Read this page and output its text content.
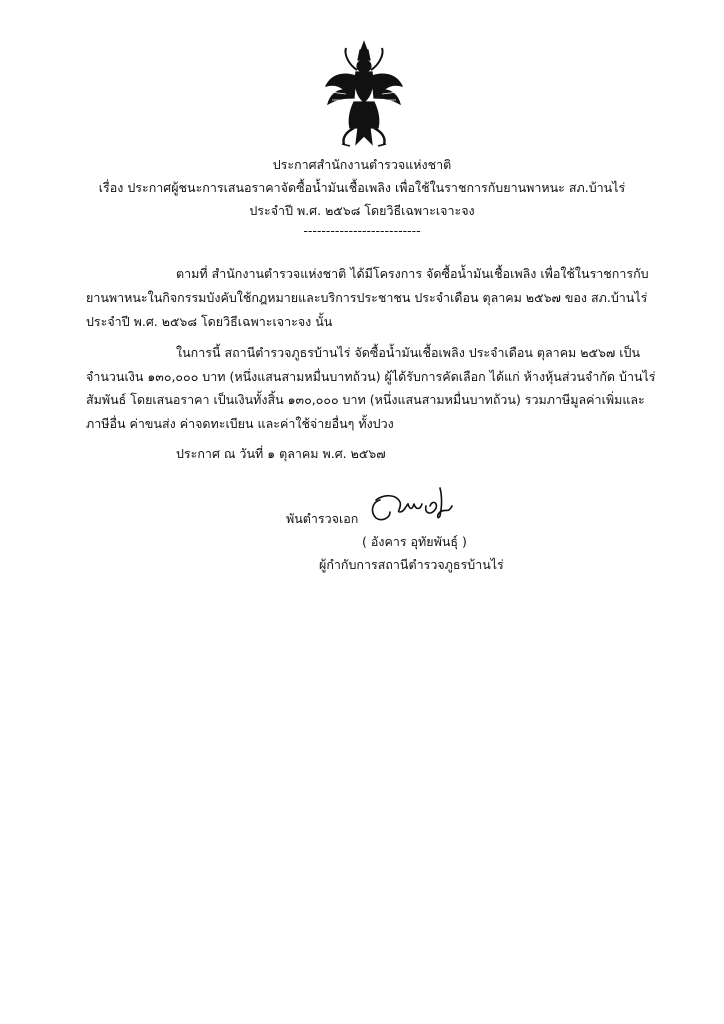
ประกาศสำนักงานตำรวจแห่งชาติ
เรื่อง ประกาศผู้ชนะการเสนอราคาจัดซื้อน้ำมันเชื้อเพลิง เพื่อใช้ในราชการกับยานพาหนะ สภ.บ้านไร่
ประจำปี พ.ศ. ๒๕๖๘ โดยวิธีเฉพาะเจาะจง
--------------------------
ตามที่ สำนักงานตำรวจแห่งชาติ ได้มีโครงการ จัดซื้อน้ำมันเชื้อเพลิง เพื่อใช้ในราชการกับ
ยานพาหนะในกิจกรรมบังคับใช้กฎหมายและบริการประชาชน ประจำเดือน ตุลาคม ๒๕๖๗ ของ สภ.บ้านไร่
ประจำปี พ.ศ. ๒๕๖๘ โดยวิธีเฉพาะเจาะจง นั้น
ในการนี้ สถานีตำรวจภูธรบ้านไร่ จัดซื้อน้ำมันเชื้อเพลิง ประจำเดือน ตุลาคม ๒๕๖๗ เป็น
จำนวนเงิน ๑๓๐,๐๐๐ บาท (หนึ่งแสนสามหมื่นบาทถ้วน) ผู้ได้รับการคัดเลือก ได้แก่ ห้างหุ้นส่วนจำกัด บ้านไร่
สัมพันธ์ โดยเสนอราคา เป็นเงินทั้งสิ้น ๑๓๐,๐๐๐ บาท (หนึ่งแสนสามหมื่นบาทถ้วน) รวมภาษีมูลค่าเพิ่มและ
ภาษีอื่น ค่าขนส่ง ค่าจดทะเบียน และค่าใช้จ่ายอื่นๆ ทั้งปวง
ประกาศ ณ วันที่ ๑ ตุลาคม พ.ศ. ๒๕๖๗
พันตำรวจเอก
( อังคาร อุทัยพันธุ์ )
ผู้กำกับการสถานีตำรวจภูธรบ้านไร่
